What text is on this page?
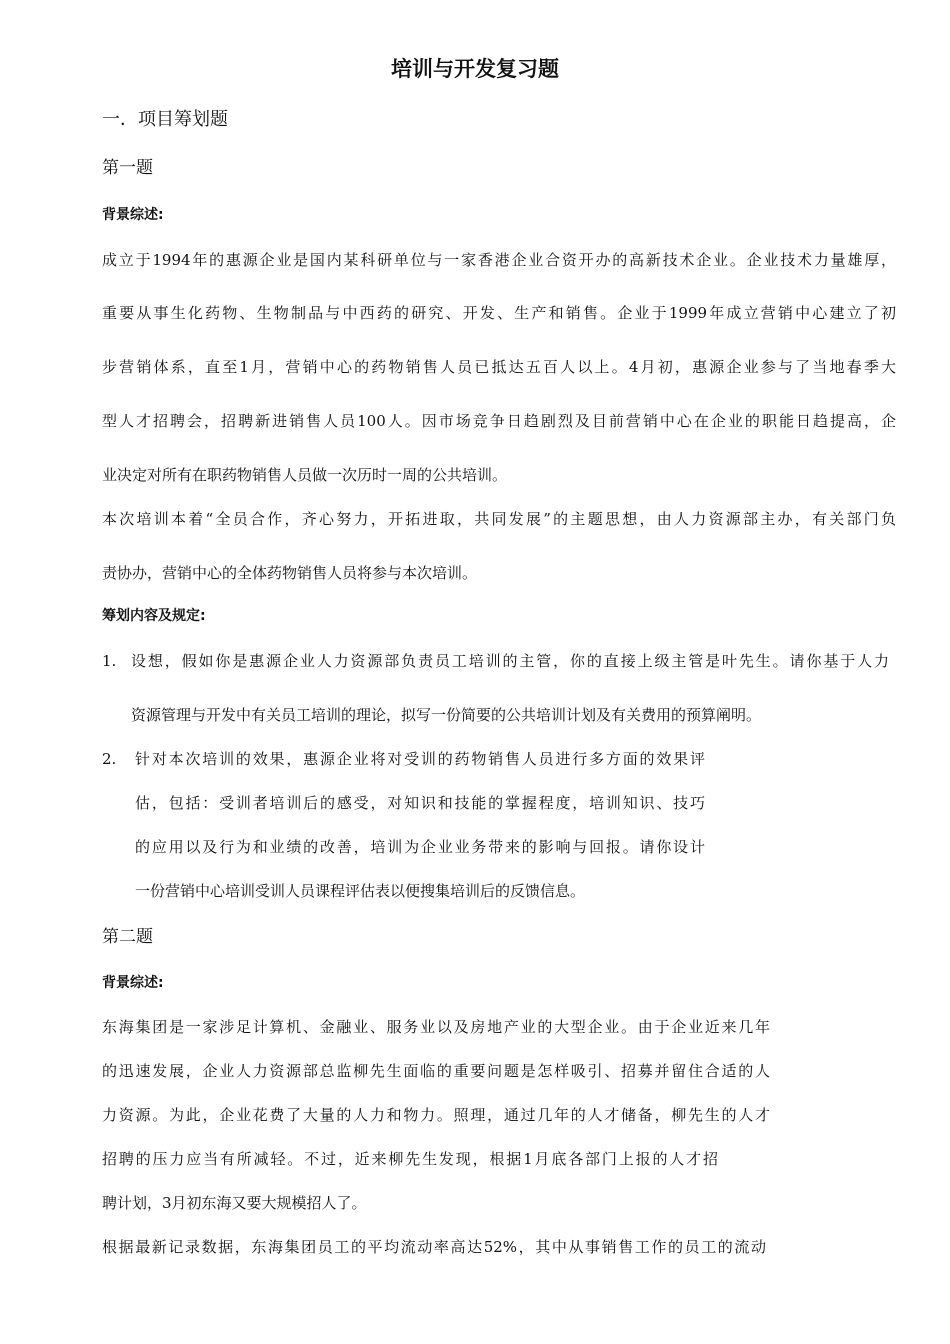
培训与开发复习题
一．项目筹划题
第一题
背景综述:
成立于1994年的惠源企业是国内某科研单位与一家香港企业合资开办的高新技术企业。企业技术力量雄厚，
重要从事生化药物、生物制品与中西药的研究、开发、生产和销售。企业于1999年成立营销中心建立了初
步营销体系，直至1月，营销中心的药物销售人员已抵达五百人以上。4月初，惠源企业参与了当地春季大
型人才招聘会，招聘新进销售人员100人。因市场竞争日趋剧烈及目前营销中心在企业的职能日趋提高，企
业决定对所有在职药物销售人员做一次历时一周的公共培训。
本次培训本着“全员合作，齐心努力，开拓进取，共同发展”的主题思想，由人力资源部主办，有关部门负
责协办，营销中心的全体药物销售人员将参与本次培训。
筹划内容及规定:
1. 设想，假如你是惠源企业人力资源部负责员工培训的主管，你的直接上级主管是叶先生。请你基于人力
资源管理与开发中有关员工培训的理论，拟写一份简要的公共培训计划及有关费用的预算阐明。
2. 针对本次培训的效果，惠源企业将对受训的药物销售人员进行多方面的效果评
估，包括：受训者培训后的感受，对知识和技能的掌握程度，培训知识、技巧
的应用以及行为和业绩的改善，培训为企业业务带来的影响与回报。请你设计
一份营销中心培训受训人员课程评估表以便搜集培训后的反馈信息。
第二题
背景综述:
东海集团是一家涉足计算机、金融业、服务业以及房地产业的大型企业。由于企业近来几年
的迅速发展，企业人力资源部总监柳先生面临的重要问题是怎样吸引、招募并留住合适的人
力资源。为此，企业花费了大量的人力和物力。照理，通过几年的人才储备，柳先生的人才
招聘的压力应当有所减轻。不过，近来柳先生发现，根据1月底各部门上报的人才招
聘计划，3月初东海又要大规模招人了。
根据最新记录数据，东海集团员工的平均流动率高达52%，其中从事销售工作的员工的流动
